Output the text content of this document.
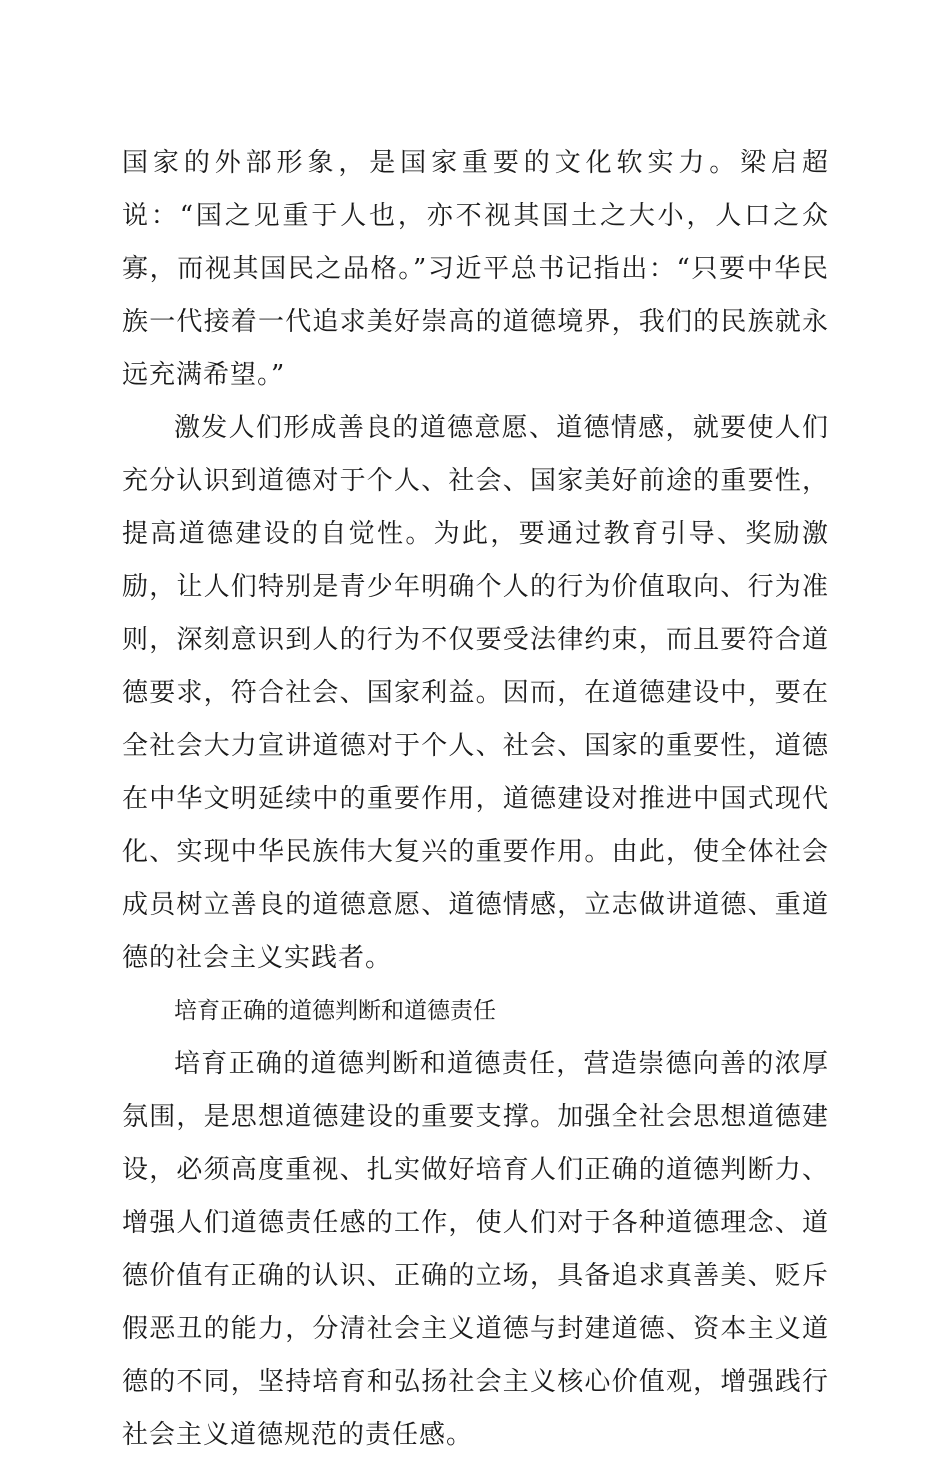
国家的外部形象，是国家重要的文化软实力。梁启超说：“国之见重于人也，亦不视其国土之大小，人口之众寡，而视其国民之品格。”习近平总书记指出：“只要中华民族一代接着一代追求美好崇高的道德境界，我们的民族就永远充满希望。”

激发人们形成善良的道德意愿、道德情感，就要使人们充分认识到道德对于个人、社会、国家美好前途的重要性，提高道德建设的自觉性。为此，要通过教育引导、奖励激励，让人们特别是青少年明确个人的行为价值取向、行为准则，深刻意识到人的行为不仅要受法律约束，而且要符合道德要求，符合社会、国家利益。因而，在道德建设中，要在全社会大力宣讲道德对于个人、社会、国家的重要性，道德在中华文明延续中的重要作用，道德建设对推进中国式现代化、实现中华民族伟大复兴的重要作用。由此，使全体社会成员树立善良的道德意愿、道德情感，立志做讲道德、重道德的社会主义实践者。

培育正确的道德判断和道德责任

培育正确的道德判断和道德责任，营造崇德向善的浓厚氛围，是思想道德建设的重要支撑。加强全社会思想道德建设，必须高度重视、扎实做好培育人们正确的道德判断力、增强人们道德责任感的工作，使人们对于各种道德理念、道德价值有正确的认识、正确的立场，具备追求真善美、贬斥假恶丑的能力，分清社会主义道德与封建道德、资本主义道德的不同，坚持培育和弘扬社会主义核心价值观，增强践行社会主义道德规范的责任感。
